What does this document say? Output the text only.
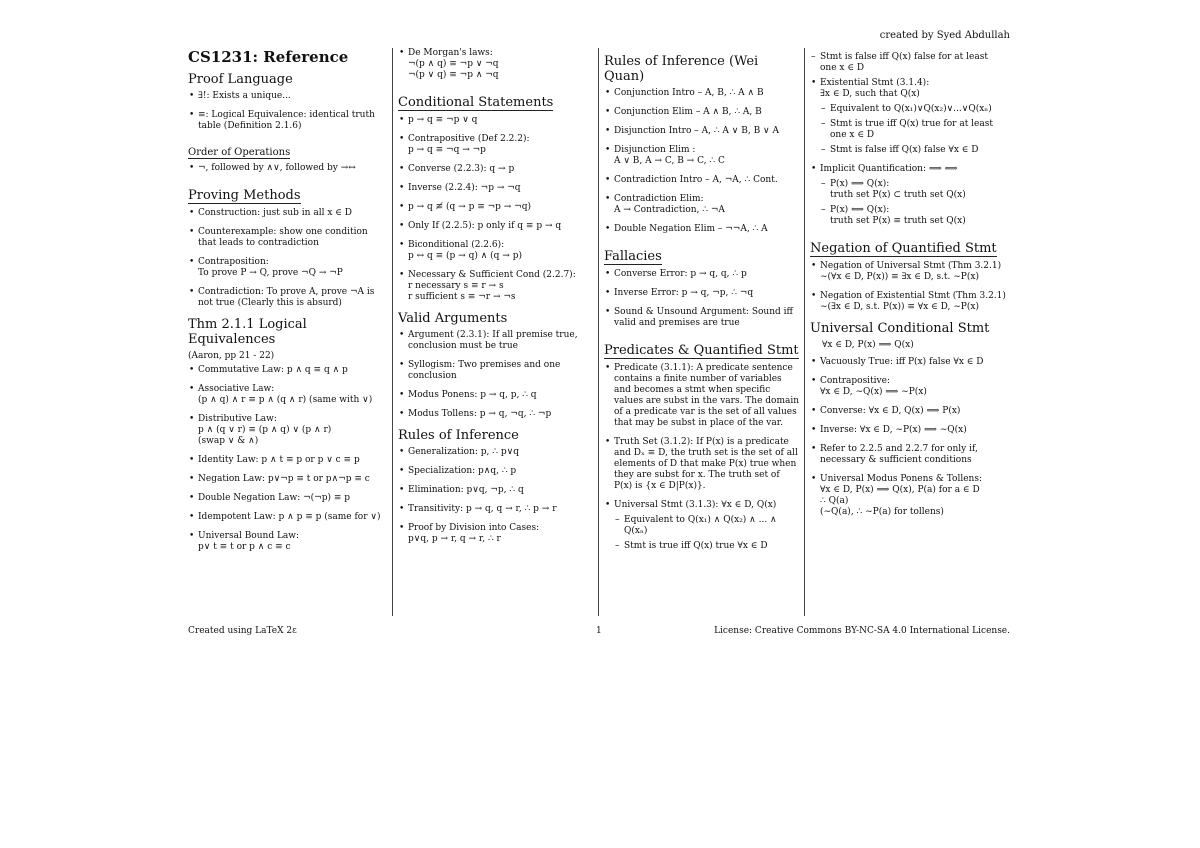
created by Syed Abdullah
CS1231: Reference
Proof Language
• ∃!: Exists a unique...
• ≡: Logical Equivalence: identical truth table (Definition 2.1.6)
Order of Operations
• ¬, followed by ∧∨, followed by →↔
Proving Methods
• Construction: just sub in all x ∈ D
• Counterexample: show one condition that leads to contradiction
• Contraposition:
To prove P → Q, prove ¬Q → ¬P
• Contradiction: To prove A, prove ¬A is not true (Clearly this is absurd)
Thm 2.1.1 Logical Equivalences
(Aaron, pp 21 - 22)
• Commutative Law: p ∧ q ≡ q ∧ p
• Associative Law:
(p ∧ q) ∧ r ≡ p ∧ (q ∧ r) (same with ∨)
• Distributive Law:
p ∧ (q ∨ r) ≡ (p ∧ q) ∨ (p ∧ r)
(swap ∨ & ∧)
• Identity Law: p ∧ t ≡ p or p ∨ c ≡ p
• Negation Law: p∨¬p ≡ t or p∧¬p ≡ c
• Double Negation Law: ¬(¬p) ≡ p
• Idempotent Law: p ∧ p ≡ p (same for ∨)
• Universal Bound Law:
p∨ t ≡ t or p ∧ c ≡ c
• De Morgan's laws:
¬(p ∧ q) ≡ ¬p ∨ ¬q
¬(p ∨ q) ≡ ¬p ∧ ¬q
Conditional Statements
• p → q ≡ ¬p ∨ q
• Contrapositive (Def 2.2.2):
p → q ≡ ¬q → ¬p
• Converse (2.2.3): q → p
• Inverse (2.2.4): ¬p → ¬q
• p → q ≢ (q → p ≡ ¬p → ¬q)
• Only If (2.2.5): p only if q ≡ p → q
• Biconditional (2.2.6):
p ↔ q ≡ (p → q) ∧ (q → p)
• Necessary & Sufficient Cond (2.2.7):
r necessary s ≡ r → s
r sufficient s ≡ ¬r → ¬s
Valid Arguments
• Argument (2.3.1): If all premise true, conclusion must be true
• Syllogism: Two premises and one conclusion
• Modus Ponens: p → q, p, ∴ q
• Modus Tollens: p → q, ¬q, ∴ ¬p
Rules of Inference
• Generalization: p, ∴ p∨q
• Specialization: p∧q, ∴ p
• Elimination: p∨q, ¬p, ∴ q
• Transitivity: p → q, q → r, ∴ p → r
• Proof by Division into Cases:
p∨q, p → r, q → r, ∴ r
Rules of Inference (Wei Quan)
• Conjunction Intro – A, B, ∴ A ∧ B
• Conjunction Elim – A ∧ B, ∴ A, B
• Disjunction Intro – A, ∴ A ∨ B, B ∨ A
• Disjunction Elim :
A ∨ B, A → C, B → C, ∴ C
• Contradiction Intro – A, ¬A, ∴ Cont.
• Contradiction Elim:
A → Contradiction, ∴ ¬A
• Double Negation Elim – ¬¬A, ∴ A
Fallacies
• Converse Error: p → q, q, ∴ p
• Inverse Error: p → q, ¬p, ∴ ¬q
• Sound & Unsound Argument: Sound iff valid and premises are true
Predicates & Quantified Stmt
• Predicate (3.1.1): A predicate sentence contains a finite number of variables and becomes a stmt when specific values are subst in the vars. The domain of a predicate var is the set of all values that may be subst in place of the var.
• Truth Set (3.1.2): If P(x) is a predicate and Dₓ ≡ D, the truth set is the set of all elements of D that make P(x) true when they are subst for x. The truth set of P(x) is {x ∈ D|P(x)}.
• Universal Stmt (3.1.3): ∀x ∈ D, Q(x)
– Equivalent to Q(x₁) ∧ Q(x₂) ∧ ... ∧ Q(xₙ)
– Stmt is true iff Q(x) true ∀x ∈ D
– Stmt is false iff Q(x) false for at least one x ∈ D
• Existential Stmt (3.1.4):
∃x ∈ D, such that Q(x)
– Equivalent to Q(x₁)∨Q(x₂)∨...∨Q(xₙ)
– Stmt is true iff Q(x) true for at least one x ∈ D
– Stmt is false iff Q(x) false ∀x ∈ D
• Implicit Quantification: ⟹ ⟺
– P(x) ⟹ Q(x):
truth set P(x) ⊂ truth set Q(x)
– P(x) ⟺ Q(x):
truth set P(x) ≡ truth set Q(x)
Negation of Quantified Stmt
• Negation of Universal Stmt (Thm 3.2.1)
∼(∀x ∈ D, P(x)) ≡ ∃x ∈ D, s.t. ∼P(x)
• Negation of Existential Stmt (Thm 3.2.1)
∼(∃x ∈ D, s.t. P(x)) ≡ ∀x ∈ D, ∼P(x)
Universal Conditional Stmt
∀x ∈ D, P(x) ⟹ Q(x)
• Vacuously True: iff P(x) false ∀x ∈ D
• Contrapositive:
∀x ∈ D, ∼Q(x) ⟹ ∼P(x)
• Converse: ∀x ∈ D, Q(x) ⟹ P(x)
• Inverse: ∀x ∈ D, ∼P(x) ⟹ ∼Q(x)
• Refer to 2.2.5 and 2.2.7 for only if, necessary & sufficient conditions
• Universal Modus Ponens & Tollens:
∀x ∈ D, P(x) ⟹ Q(x), P(a) for a ∈ D
∴ Q(a)
(∼Q(a), ∴ ∼P(a) for tollens)
Created using LaTeX 2ε	1	License: Creative Commons BY-NC-SA 4.0 International License.
